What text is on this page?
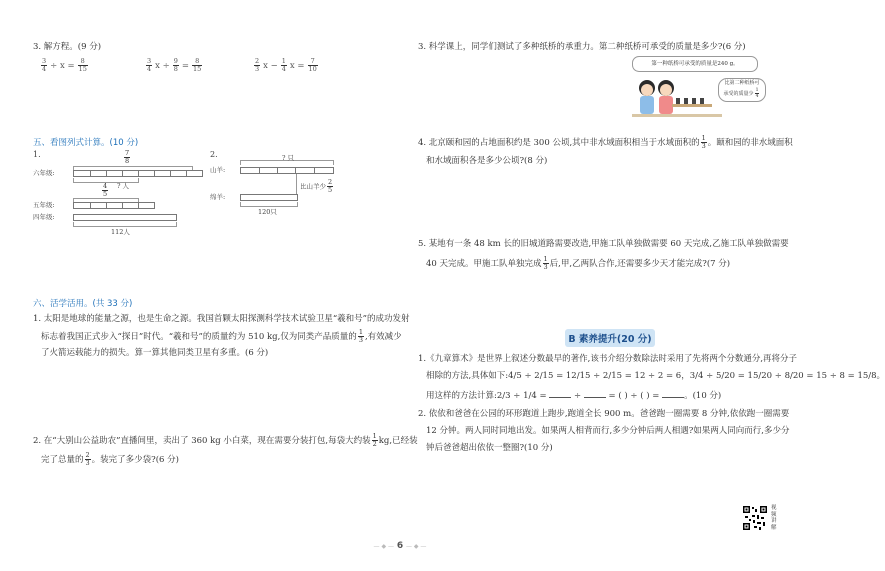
3. 解方程。(9 分)
$\frac{3}{4} \div x = \frac{8}{15}$	$\frac{3}{4}$ $x \div \frac{9}{8} = \frac{8}{15}$	$\frac{2}{3}$ $x - \frac{1}{4}$ $x = \frac{7}{10}$
五、看图列式计算。(10 分)
1.	$\frac{7}{8}$
六年级:
? 人
$\frac{4}{5}$
五年级:
四年级:
112人
2.	? 只
山羊:
比山羊少 $\frac{2}{5}$
绵羊:
120只
六、活学活用。(共 33 分)
1. 太阳是地球的能量之源，也是生命之源。我国首颗太阳探测科学技术试验卫星“羲和号”的成功发射
标志着我国正式步入“探日”时代。“羲和号”的质量约为 510 kg,仅为同类产品质量的 $\frac{1}{3}$ ,有效减少
了火箭运载能力的损失。算一算其他同类卫星有多重。(6 分)
2. 在“大别山公益助农”直播间里，卖出了 360 kg 小白菜，现在需要分装打包,每袋大约装 $\frac{1}{2}$ kg,已经装
完了总量的 $\frac{2}{3}$ 。装完了多少袋?(6 分)
3. 科学课上，同学们测试了多种纸桥的承重力。第二种纸桥可承受的质量是多少?(6 分)
第一种纸桥可承受的质量是240 g。
比第二种纸桥可
承受的质量少 $\frac{1}{4}$
4. 北京颐和园的占地面积约是 300 公顷,其中非水域面积相当于水域面积的 $\frac{1}{3}$ 。颐和园的非水域面积
和水域面积各是多少公顷?(8 分)
5. 某地有一条 48 km 长的旧城道路需要改造,甲施工队单独做需要 60 天完成,乙施工队单独做需要
40 天完成。甲施工队单独完成 $\frac{1}{3}$ 后,甲,乙两队合作,还需要多少天才能完成?(7 分)
B 素养提升(20 分)
1.《九章算术》是世界上叙述分数最早的著作,该书介绍分数除法时采用了先将两个分数通分,再将分子
相除的方法,具体如下:4/5 ÷ 2/15 = 12/15 ÷ 2/15 = 12 ÷ 2 = 6，3/4 ÷ 5/20 = 15/20 ÷ 8/20 = 15 ÷ 8 = 15/8。
用这样的方法计算:2/3 ÷ 1/4 =	÷	= ( ) ÷ ( ) =	。(10 分)
2. 依依和爸爸在公园的环形跑道上跑步,跑道全长 900 m。爸爸跑一圈需要 8 分钟,依依跑一圈需要
12 分钟。两人同时同地出发。如果两人相背而行,多少分钟后两人相遇?如果两人同向而行,多少分
钟后爸爸超出依依一整圈?(10 分)
视频讲解
— ◆ — 6 — ◆ —
